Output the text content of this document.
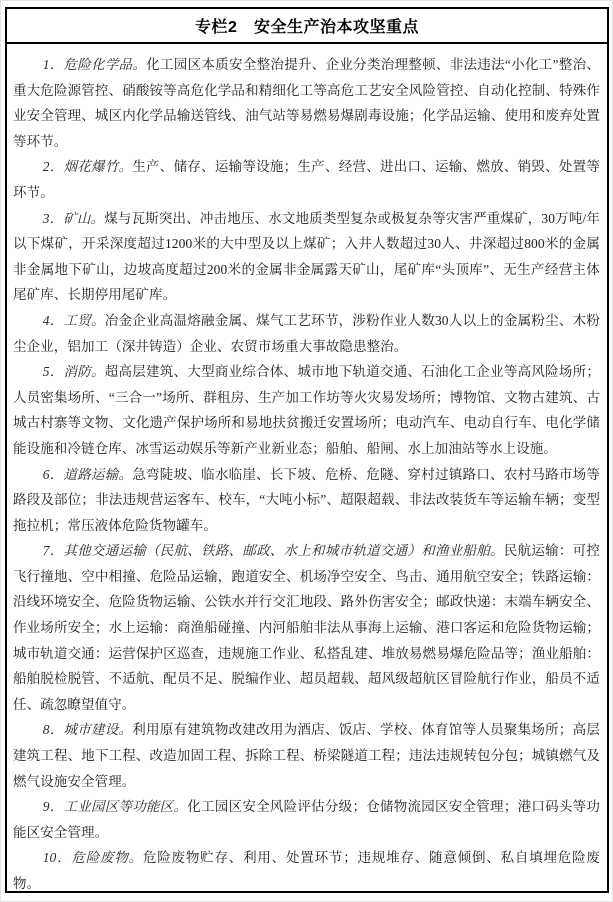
专栏2　安全生产治本攻坚重点

1．危险化学品。化工园区本质安全整治提升、企业分类治理整顿、非法违法“小化工”整治、重大危险源管控、硝酸铵等高危化学品和精细化工等高危工艺安全风险管控、自动化控制、特殊作业安全管理、城区内化学品输送管线、油气站等易燃易爆剧毒设施；化学品运输、使用和废弃处置等环节。

2．烟花爆竹。生产、储存、运输等设施；生产、经营、进出口、运输、燃放、销毁、处置等环节。

3．矿山。煤与瓦斯突出、冲击地压、水文地质类型复杂或极复杂等灾害严重煤矿，30万吨/年以下煤矿，开采深度超过1200米的大中型及以上煤矿；入井人数超过30人、井深超过800米的金属非金属地下矿山，边坡高度超过200米的金属非金属露天矿山，尾矿库“头顶库”、无生产经营主体尾矿库、长期停用尾矿库。

4．工贸。冶金企业高温熔融金属、煤气工艺环节，涉粉作业人数30人以上的金属粉尘、木粉尘企业，铝加工（深井铸造）企业、农贸市场重大事故隐患整治。

5．消防。超高层建筑、大型商业综合体、城市地下轨道交通、石油化工企业等高风险场所；人员密集场所、“三合一”场所、群租房、生产加工作坊等火灾易发场所；博物馆、文物古建筑、古城古村寨等文物、文化遗产保护场所和易地扶贫搬迁安置场所；电动汽车、电动自行车、电化学储能设施和冷链仓库、冰雪运动娱乐等新产业新业态；船舶、船闸、水上加油站等水上设施。

6．道路运输。急弯陡坡、临水临崖、长下坡、危桥、危隧、穿村过镇路口、农村马路市场等路段及部位；非法违规营运客车、校车，“大吨小标”、超限超载、非法改装货车等运输车辆；变型拖拉机；常压液体危险货物罐车。

7．其他交通运输（民航、铁路、邮政、水上和城市轨道交通）和渔业船舶。民航运输：可控飞行撞地、空中相撞、危险品运输，跑道安全、机场净空安全、鸟击、通用航空安全；铁路运输：沿线环境安全、危险货物运输、公铁水并行交汇地段、路外伤害安全；邮政快递：末端车辆安全、作业场所安全；水上运输：商渔船碰撞、内河船舶非法从事海上运输、港口客运和危险货物运输；城市轨道交通：运营保护区巡查，违规施工作业、私搭乱建、堆放易燃易爆危险品等；渔业船舶：船舶脱检脱管、不适航、配员不足、脱编作业、超员超载、超风级超航区冒险航行作业，船员不适任、疏忽瞭望值守。

8．城市建设。利用原有建筑物改建改用为酒店、饭店、学校、体育馆等人员聚集场所；高层建筑工程、地下工程、改造加固工程、拆除工程、桥梁隧道工程；违法违规转包分包；城镇燃气及燃气设施安全管理。

9．工业园区等功能区。化工园区安全风险评估分级；仓储物流园区安全管理；港口码头等功能区安全管理。

10．危险废物。危险废物贮存、利用、处置环节；违规堆存、随意倾倒、私自填埋危险废物。
